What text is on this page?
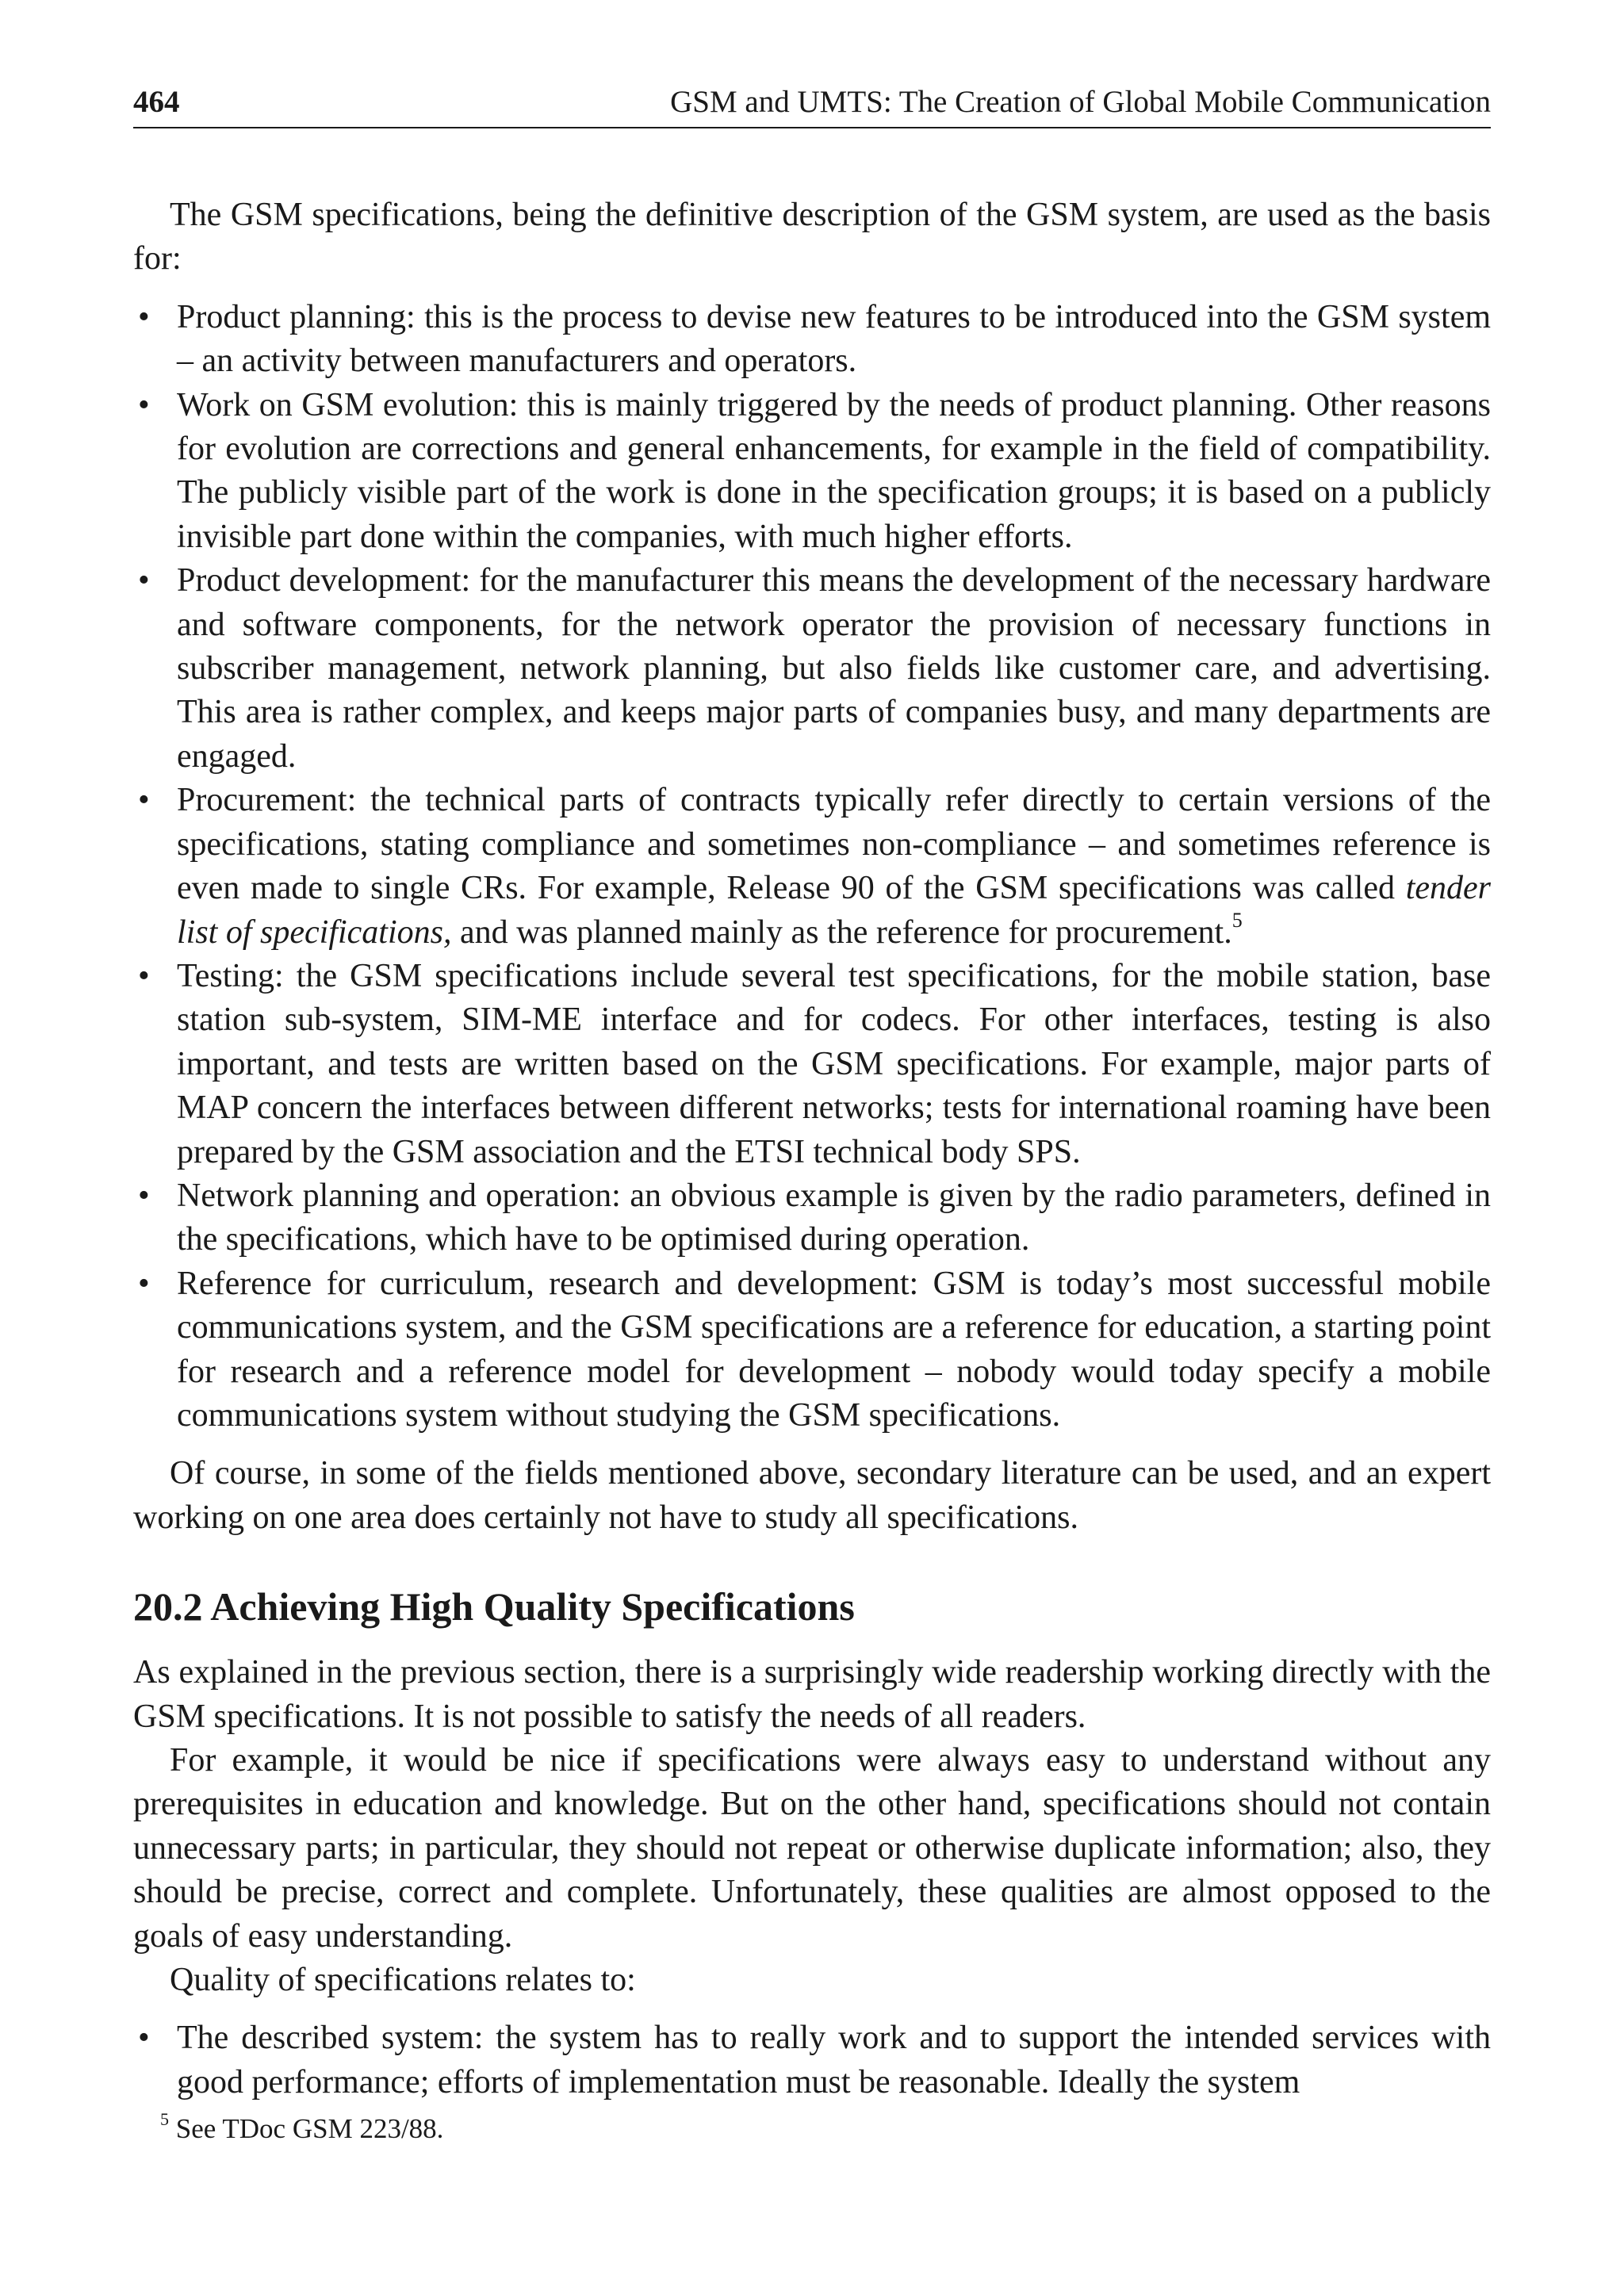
464	GSM and UMTS: The Creation of Global Mobile Communication

The GSM specifications, being the definitive description of the GSM system, are used as the basis for:

• Product planning: this is the process to devise new features to be introduced into the GSM system – an activity between manufacturers and operators.
• Work on GSM evolution: this is mainly triggered by the needs of product planning. Other reasons for evolution are corrections and general enhancements, for example in the field of compatibility. The publicly visible part of the work is done in the specification groups; it is based on a publicly invisible part done within the companies, with much higher efforts.
• Product development: for the manufacturer this means the development of the necessary hardware and software components, for the network operator the provision of necessary functions in subscriber management, network planning, but also fields like customer care, and advertising. This area is rather complex, and keeps major parts of companies busy, and many departments are engaged.
• Procurement: the technical parts of contracts typically refer directly to certain versions of the specifications, stating compliance and sometimes non-compliance – and sometimes reference is even made to single CRs. For example, Release 90 of the GSM specifications was called tender list of specifications, and was planned mainly as the reference for procurement.$^5$
• Testing: the GSM specifications include several test specifications, for the mobile station, base station sub-system, SIM-ME interface and for codecs. For other interfaces, testing is also important, and tests are written based on the GSM specifications. For example, major parts of MAP concern the interfaces between different networks; tests for international roaming have been prepared by the GSM association and the ETSI technical body SPS.
• Network planning and operation: an obvious example is given by the radio parameters, defined in the specifications, which have to be optimised during operation.
• Reference for curriculum, research and development: GSM is today’s most successful mobile communications system, and the GSM specifications are a reference for education, a starting point for research and a reference model for development – nobody would today specify a mobile communications system without studying the GSM specifications.

Of course, in some of the fields mentioned above, secondary literature can be used, and an expert working on one area does certainly not have to study all specifications.

20.2 Achieving High Quality Specifications

As explained in the previous section, there is a surprisingly wide readership working directly with the GSM specifications. It is not possible to satisfy the needs of all readers.

For example, it would be nice if specifications were always easy to understand without any prerequisites in education and knowledge. But on the other hand, specifications should not contain unnecessary parts; in particular, they should not repeat or otherwise duplicate information; also, they should be precise, correct and complete. Unfortunately, these qualities are almost opposed to the goals of easy understanding.

Quality of specifications relates to:

• The described system: the system has to really work and to support the intended services with good performance; efforts of implementation must be reasonable. Ideally the system
$^5$ See TDoc GSM 223/88.
